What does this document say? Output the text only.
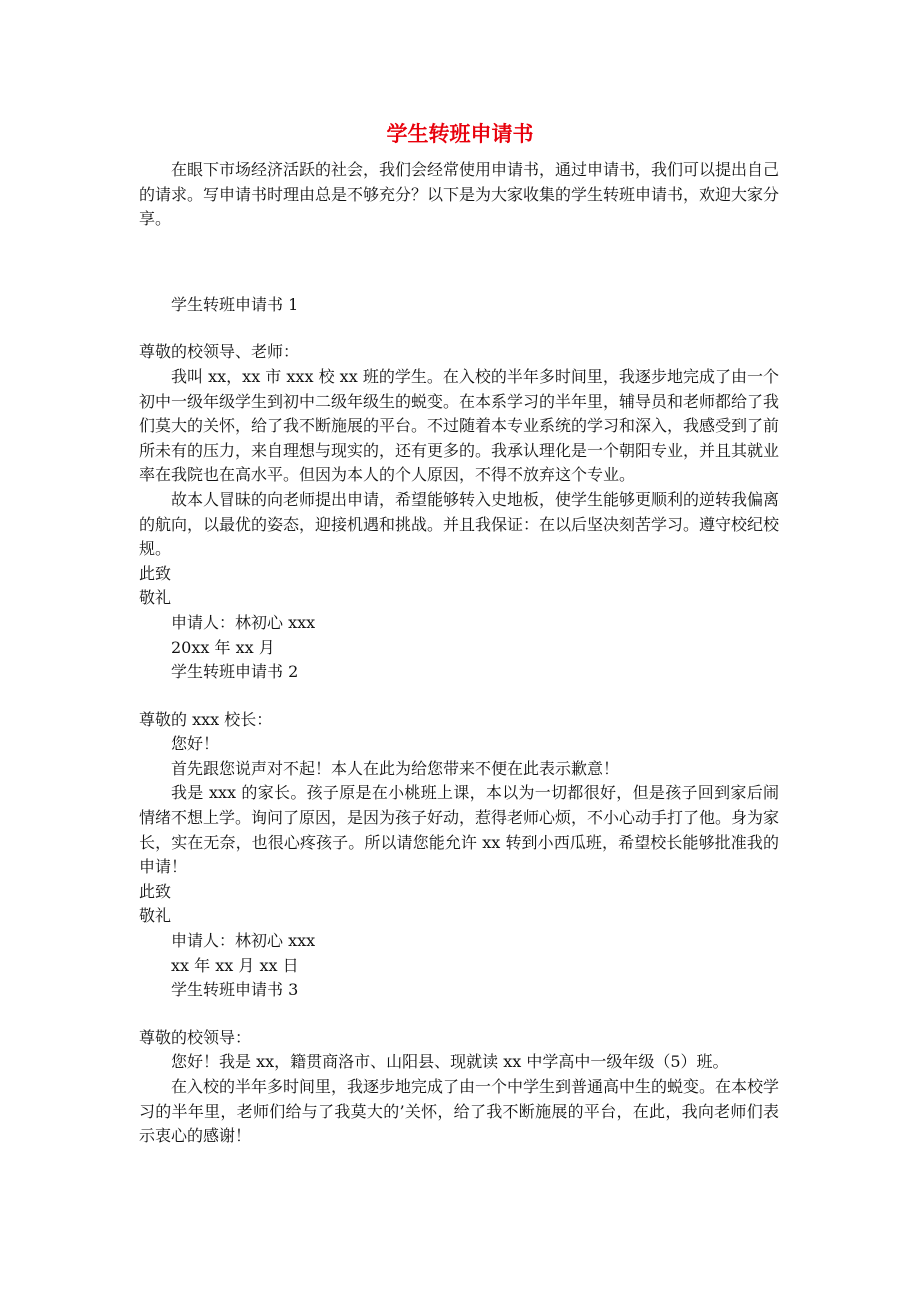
学生转班申请书

在眼下市场经济活跃的社会，我们会经常使用申请书，通过申请书，我们可以提出自己的请求。写申请书时理由总是不够充分？以下是为大家收集的学生转班申请书，欢迎大家分享。

学生转班申请书 1

尊敬的校领导、老师：

我叫 xx，xx 市 xxx 校 xx 班的学生。在入校的半年多时间里，我逐步地完成了由一个初中一级年级学生到初中二级年级生的蜕变。在本系学习的半年里，辅导员和老师都给了我们莫大的关怀，给了我不断施展的平台。不过随着本专业系统的学习和深入，我感受到了前所未有的压力，来自理想与现实的，还有更多的。我承认理化是一个朝阳专业，并且其就业率在我院也在高水平。但因为本人的个人原因，不得不放弃这个专业。

故本人冒昧的向老师提出申请，希望能够转入史地板，使学生能够更顺利的逆转我偏离的航向，以最优的姿态，迎接机遇和挑战。并且我保证：在以后坚决刻苦学习。遵守校纪校规。

此致

敬礼

申请人：林初心 xxx

20xx 年 xx 月

学生转班申请书 2

尊敬的 xxx 校长：

您好！

首先跟您说声对不起！本人在此为给您带来不便在此表示歉意！

我是 xxx 的家长。孩子原是在小桃班上课，本以为一切都很好，但是孩子回到家后闹情绪不想上学。询问了原因，是因为孩子好动，惹得老师心烦，不小心动手打了他。身为家长，实在无奈，也很心疼孩子。所以请您能允许 xx 转到小西瓜班，希望校长能够批准我的申请！

此致

敬礼

申请人：林初心 xxx

xx 年 xx 月 xx 日

学生转班申请书 3

尊敬的校领导：

您好！我是 xx，籍贯商洛市、山阳县、现就读 xx 中学高中一级年级（5）班。

在入校的半年多时间里，我逐步地完成了由一个中学生到普通高中生的蜕变。在本校学习的半年里，老师们给与了我莫大的’关怀，给了我不断施展的平台，在此，我向老师们表示衷心的感谢！
